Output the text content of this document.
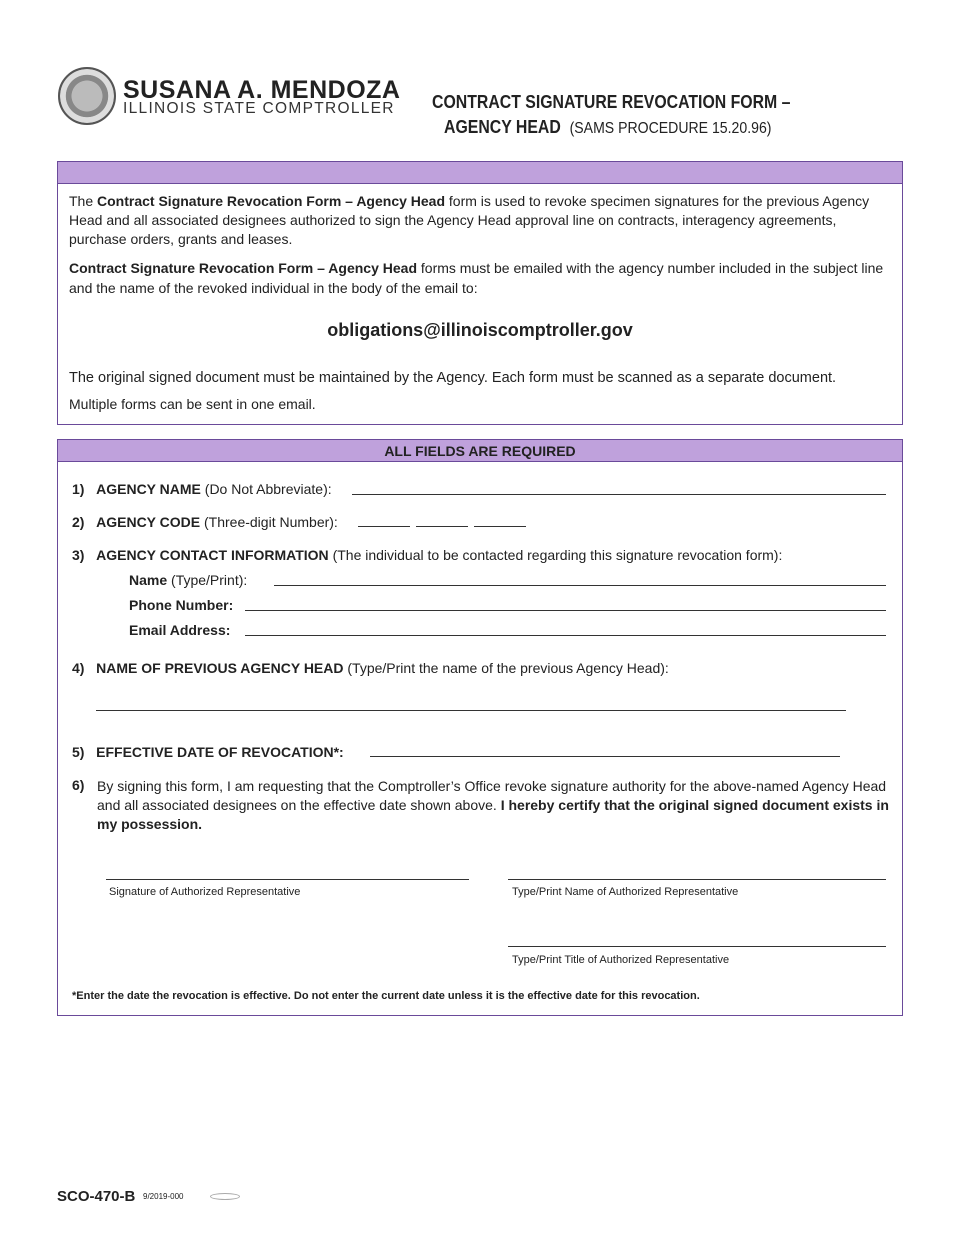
SUSANA A. MENDOZA
ILLINOIS STATE COMPTROLLER CONTRACT SIGNATURE REVOCATION FORM –
AGENCY HEAD (SAMS PROCEDURE 15.20.96)
The Contract Signature Revocation Form – Agency Head form is used to revoke specimen signatures for the previous Agency Head and all associated designees authorized to sign the Agency Head approval line on contracts, interagency agreements, purchase orders, grants and leases.
Contract Signature Revocation Form – Agency Head forms must be emailed with the agency number included in the subject line and the name of the revoked individual in the body of the email to:
obligations@illinoiscomptroller.gov
The original signed document must be maintained by the Agency. Each form must be scanned as a separate document.
Multiple forms can be sent in one email.
ALL FIELDS ARE REQUIRED
1) AGENCY NAME (Do Not Abbreviate):
2) AGENCY CODE (Three-digit Number):
3) AGENCY CONTACT INFORMATION (The individual to be contacted regarding this signature revocation form):
Name (Type/Print):
Phone Number:
Email Address:
4) NAME OF PREVIOUS AGENCY HEAD (Type/Print the name of the previous Agency Head):
5) EFFECTIVE DATE OF REVOCATION*:
6) By signing this form, I am requesting that the Comptroller’s Office revoke signature authority for the above-named Agency Head and all associated designees on the effective date shown above. I hereby certify that the original signed document exists in my possession.
Signature of Authorized Representative	Type/Print Name of Authorized Representative
Type/Print Title of Authorized Representative
*Enter the date the revocation is effective. Do not enter the current date unless it is the effective date for this revocation.
SCO-470-B 9/2019-000
